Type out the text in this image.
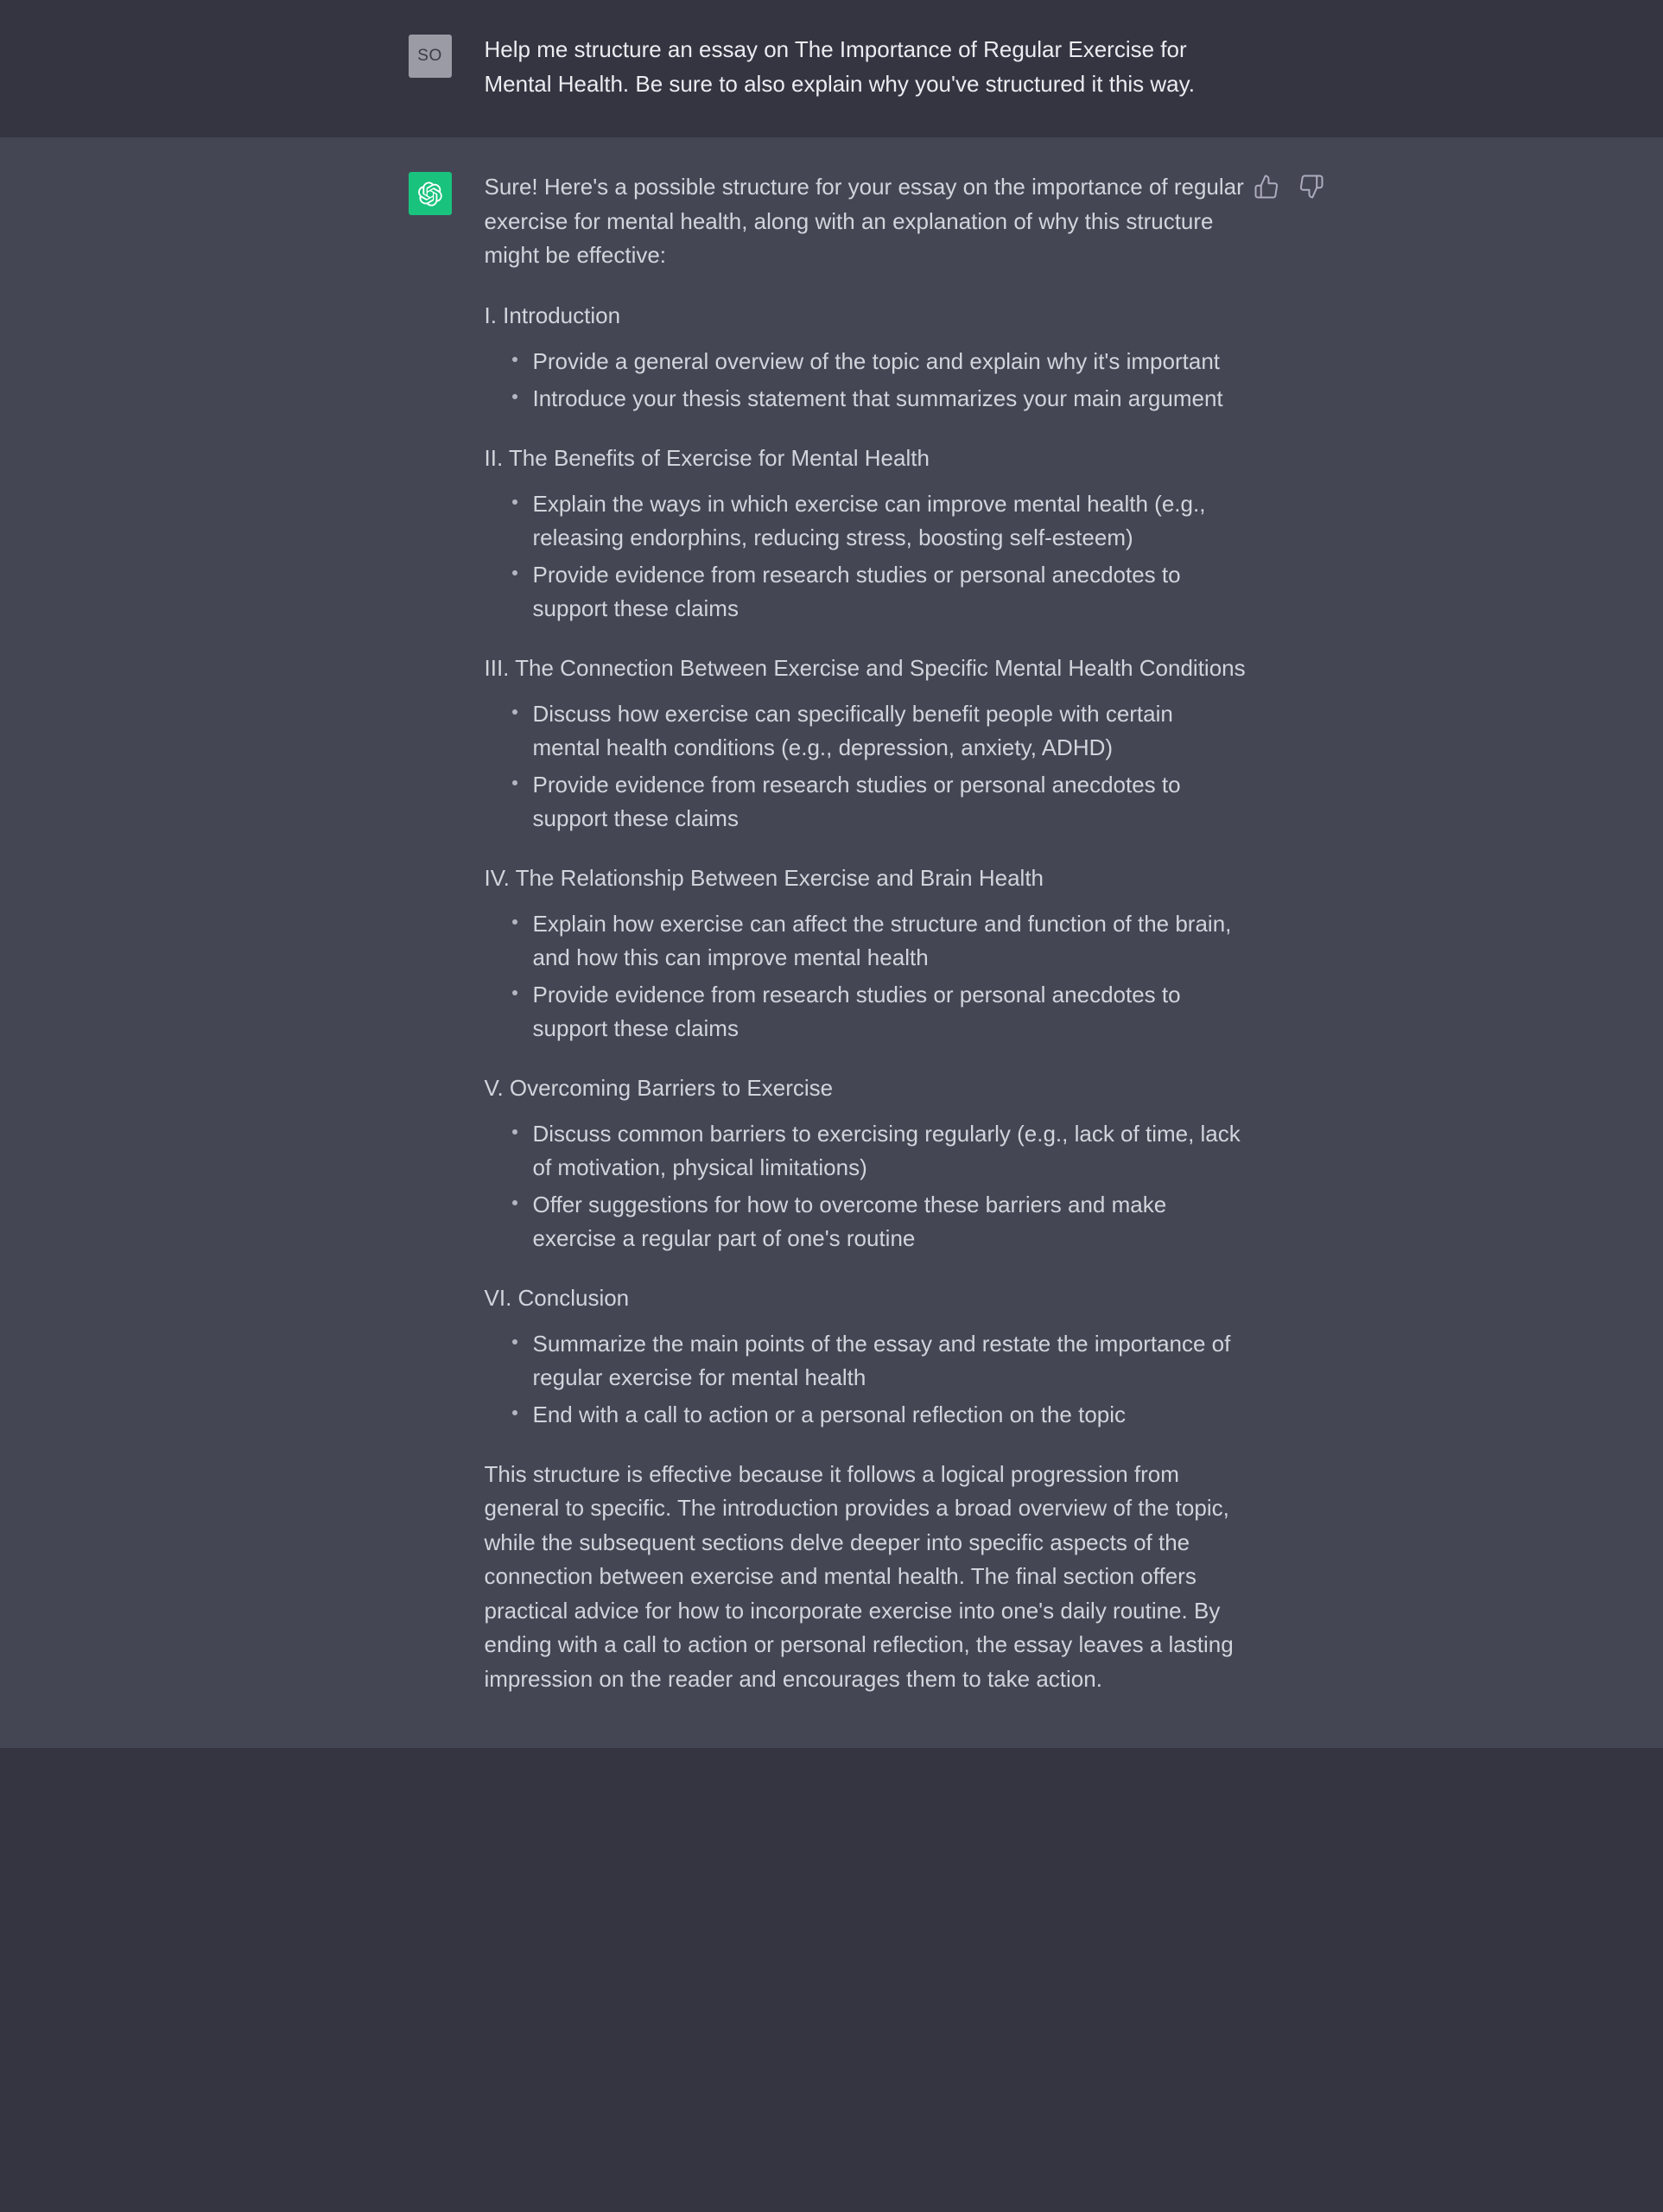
SO	Help me structure an essay on The Importance of Regular Exercise for Mental Health. Be sure to also explain why you've structured it this way.

Sure! Here's a possible structure for your essay on the importance of regular exercise for mental health, along with an explanation of why this structure might be effective:

I. Introduction
Provide a general overview of the topic and explain why it's important
Introduce your thesis statement that summarizes your main argument
II. The Benefits of Exercise for Mental Health
Explain the ways in which exercise can improve mental health (e.g., releasing endorphins, reducing stress, boosting self-esteem)
Provide evidence from research studies or personal anecdotes to support these claims
III. The Connection Between Exercise and Specific Mental Health Conditions
Discuss how exercise can specifically benefit people with certain mental health conditions (e.g., depression, anxiety, ADHD)
Provide evidence from research studies or personal anecdotes to support these claims
IV. The Relationship Between Exercise and Brain Health
Explain how exercise can affect the structure and function of the brain, and how this can improve mental health
Provide evidence from research studies or personal anecdotes to support these claims
V. Overcoming Barriers to Exercise
Discuss common barriers to exercising regularly (e.g., lack of time, lack of motivation, physical limitations)
Offer suggestions for how to overcome these barriers and make exercise a regular part of one's routine
VI. Conclusion
Summarize the main points of the essay and restate the importance of regular exercise for mental health
End with a call to action or a personal reflection on the topic

This structure is effective because it follows a logical progression from general to specific. The introduction provides a broad overview of the topic, while the subsequent sections delve deeper into specific aspects of the connection between exercise and mental health. The final section offers practical advice for how to incorporate exercise into one's daily routine. By ending with a call to action or personal reflection, the essay leaves a lasting impression on the reader and encourages them to take action.
